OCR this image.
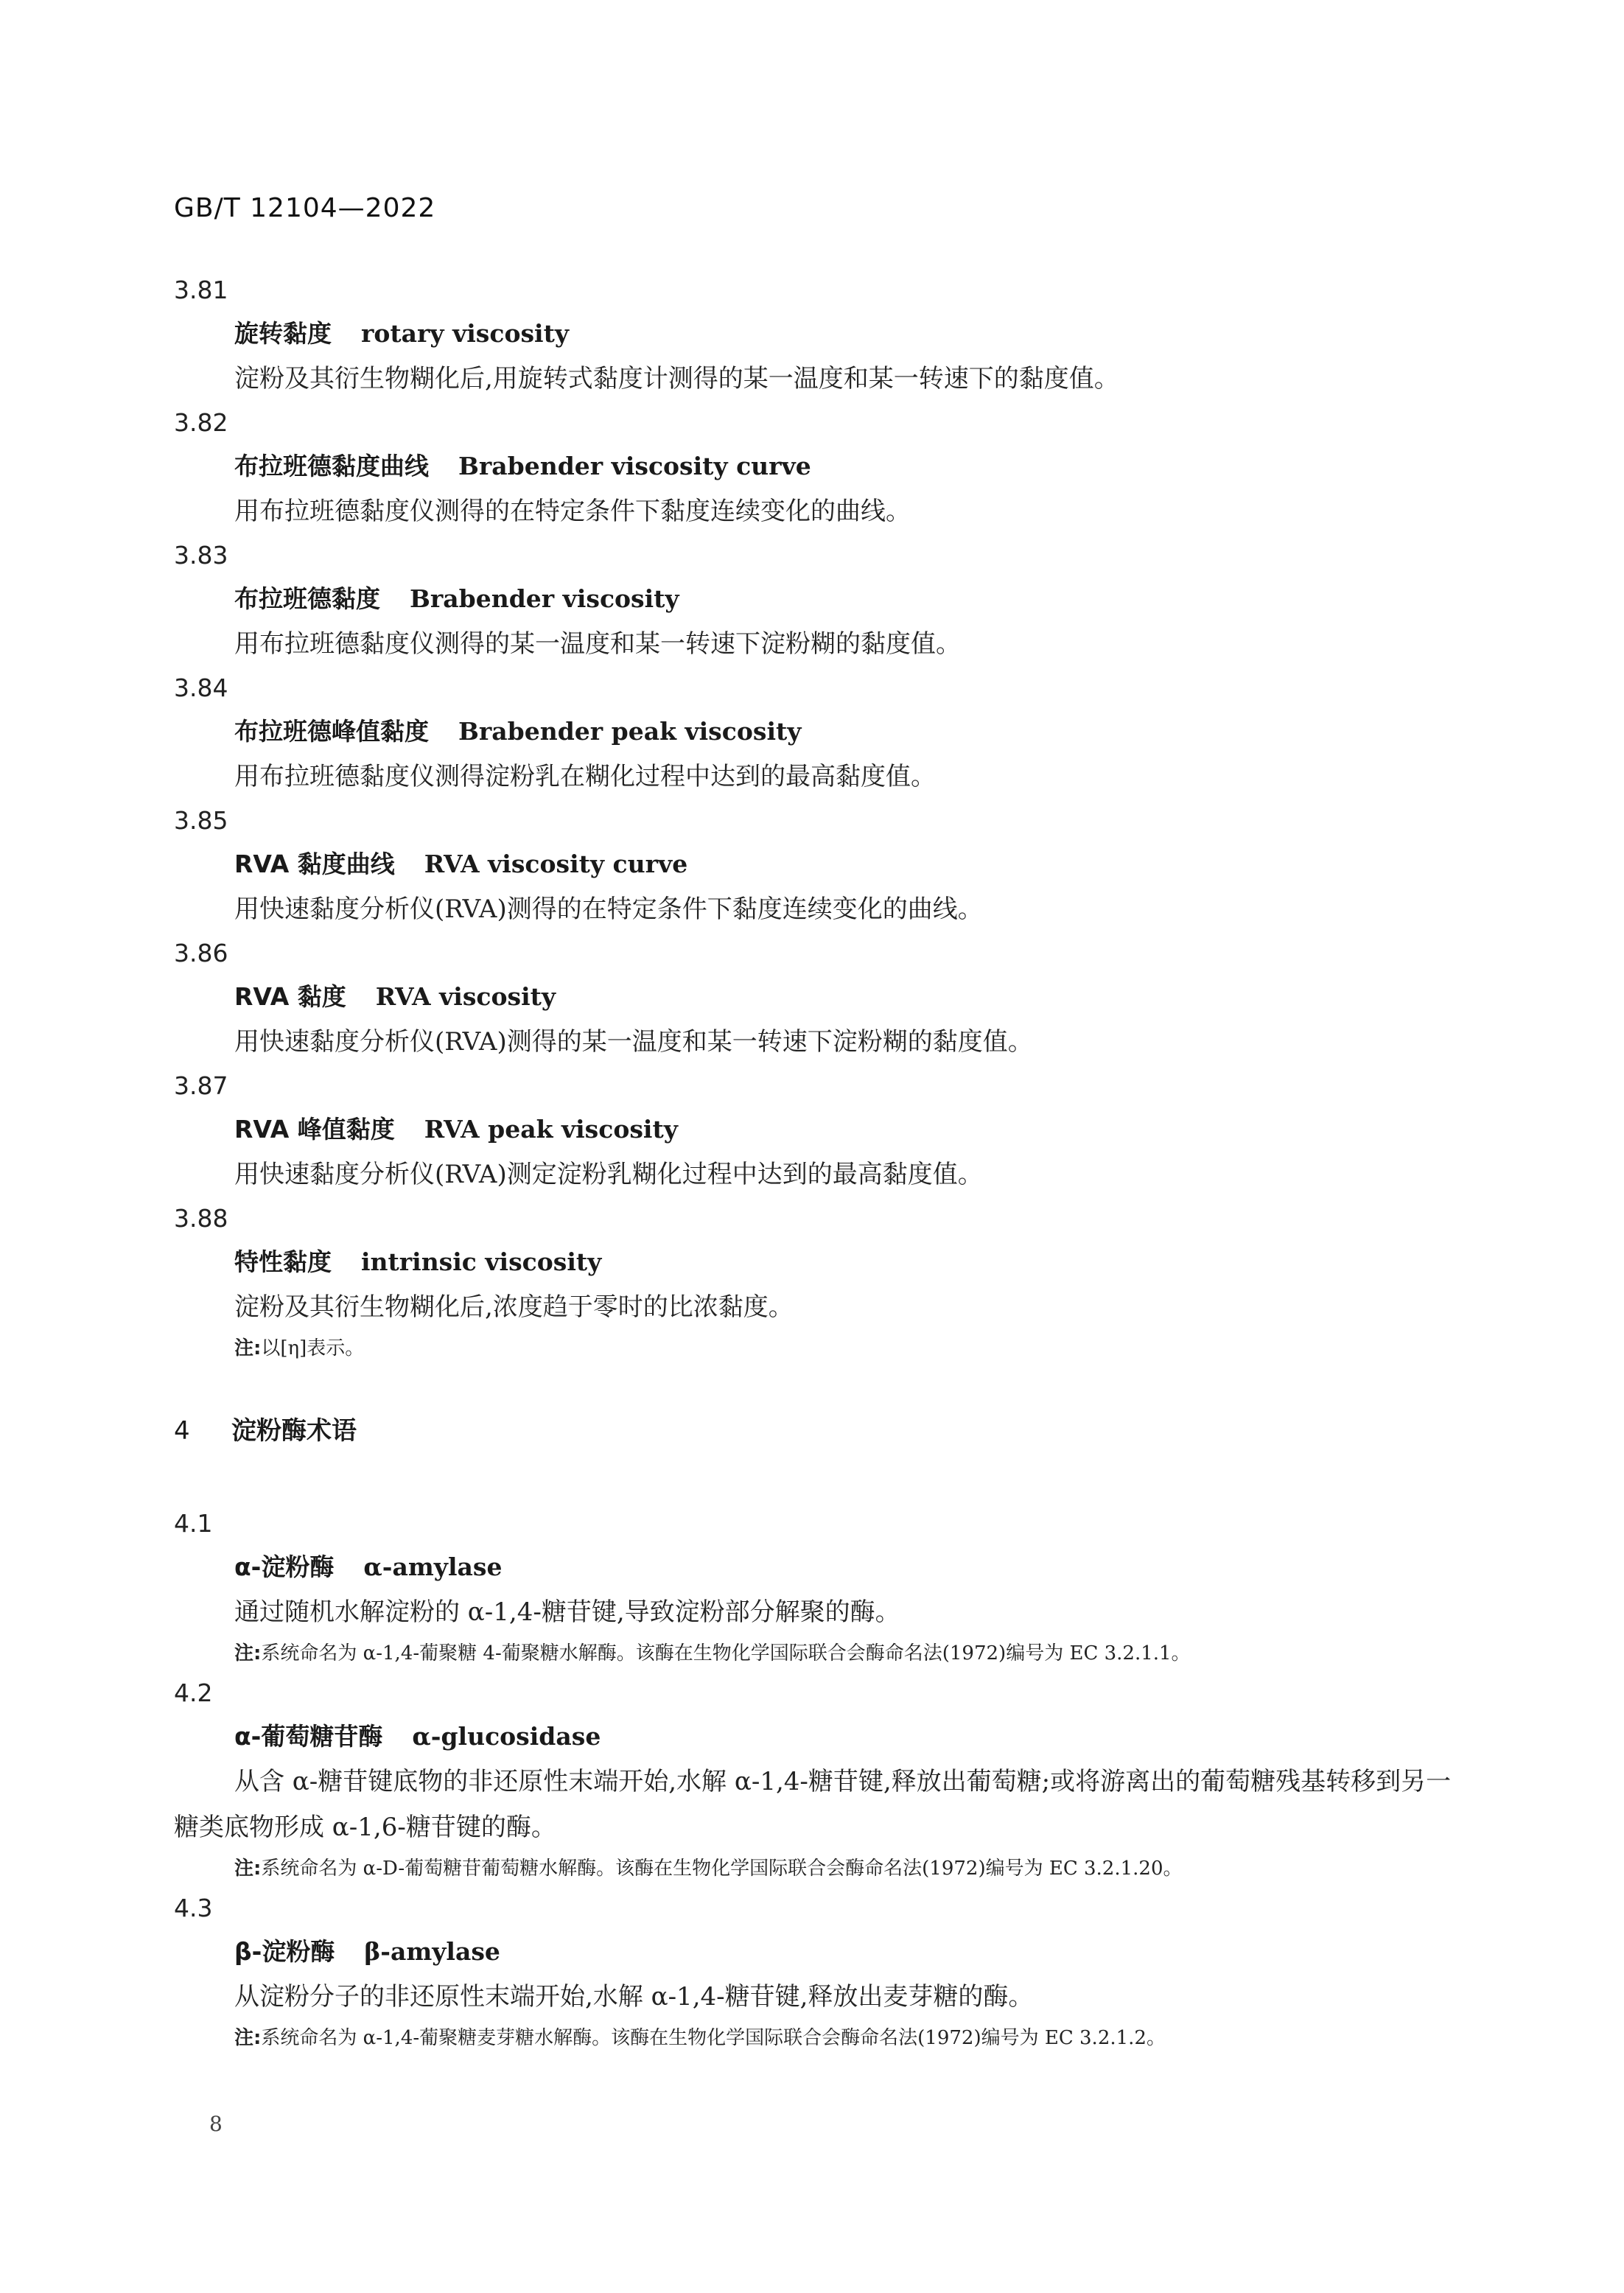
GB/T 12104—2022
3.81
旋转黏度 rotary viscosity
淀粉及其衍生物糊化后,用旋转式黏度计测得的某一温度和某一转速下的黏度值。
3.82
布拉班德黏度曲线 Brabender viscosity curve
用布拉班德黏度仪测得的在特定条件下黏度连续变化的曲线。
3.83
布拉班德黏度 Brabender viscosity
用布拉班德黏度仪测得的某一温度和某一转速下淀粉糊的黏度值。
3.84
布拉班德峰值黏度 Brabender peak viscosity
用布拉班德黏度仪测得淀粉乳在糊化过程中达到的最高黏度值。
3.85
RVA 黏度曲线 RVA viscosity curve
用快速黏度分析仪(RVA)测得的在特定条件下黏度连续变化的曲线。
3.86
RVA 黏度 RVA viscosity
用快速黏度分析仪(RVA)测得的某一温度和某一转速下淀粉糊的黏度值。
3.87
RVA 峰值黏度 RVA peak viscosity
用快速黏度分析仪(RVA)测定淀粉乳糊化过程中达到的最高黏度值。
3.88
特性黏度 intrinsic viscosity
淀粉及其衍生物糊化后,浓度趋于零时的比浓黏度。
注:以[η]表示。
4 淀粉酶术语
4.1
α-淀粉酶 α-amylase
通过随机水解淀粉的 α-1,4-糖苷键,导致淀粉部分解聚的酶。
注:系统命名为 α-1,4-葡聚糖 4-葡聚糖水解酶。该酶在生物化学国际联合会酶命名法(1972)编号为 EC 3.2.1.1。
4.2
α-葡萄糖苷酶 α-glucosidase
从含 α-糖苷键底物的非还原性末端开始,水解 α-1,4-糖苷键,释放出葡萄糖;或将游离出的葡萄糖残基转移到另一糖类底物形成 α-1,6-糖苷键的酶。
注:系统命名为 α-D-葡萄糖苷葡萄糖水解酶。该酶在生物化学国际联合会酶命名法(1972)编号为 EC 3.2.1.20。
4.3
β-淀粉酶 β-amylase
从淀粉分子的非还原性末端开始,水解 α-1,4-糖苷键,释放出麦芽糖的酶。
注:系统命名为 α-1,4-葡聚糖麦芽糖水解酶。该酶在生物化学国际联合会酶命名法(1972)编号为 EC 3.2.1.2。
8
